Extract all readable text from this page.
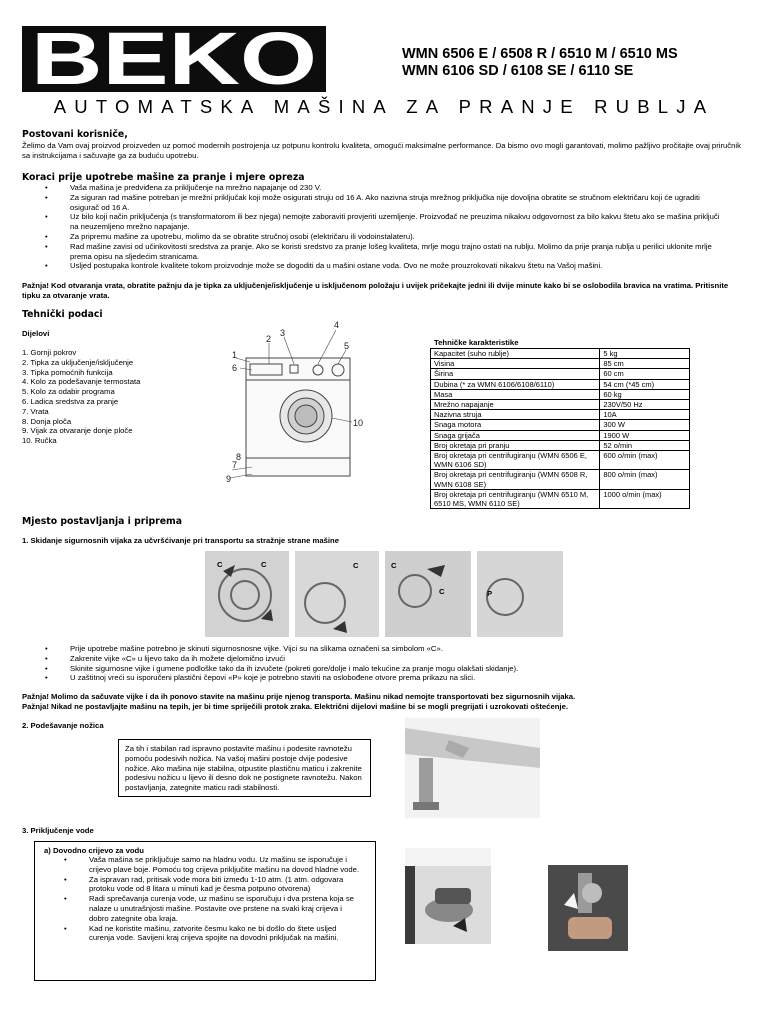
BEKO	WMN 6506 E / 6508 R / 6510 M / 6510 MS
WMN 6106 SD / 6108 SE / 6110 SE
AUTOMATSKA MAŠINA ZA PRANJE RUBLJA
Postovani korisniče,
Želimo da Vam ovaj proizvod proizveden uz pomoć modernih postrojenja uz potpunu kontrolu kvaliteta, omogući maksimalne performance. Da bismo ovo mogli garantovati, molimo pažljivo pročitajte ovaj priručnik sa instrukcijama i sačuvajte ga za buduću upotrebu.
Koraci prije upotrebe mašine za pranje i mjere opreza
• Vaša mašina je predviđena za priključenje na mrežno napajanje od 230 V.
• Za siguran rad mašine potreban je mrežni priključak koji može osigurati struju od 16 A. Ako nazivna struja mrežnog priključka nije dovoljna obratite se stručnom električaru koji će ugraditi osigurač od 16 A.
• Uz bilo koji način priključenja (s transformatorom ili bez njega) nemojte zaboraviti provjeriti uzemljenje. Proizvođač ne preuzima nikakvu odgovornost za bilo kakvu štetu ako se mašina priključi na neuzemljeno mrežno napajanje.
• Za pripremu mašine za upotrebu, molimo da se obratite stručnoj osobi (električaru ili vodoinstalateru).
• Rad mašine zavisi od učinkovitosti sredstva za pranje. Ako se koristi sredstvo za pranje lošeg kvaliteta, mrlje mogu trajno ostati na rublju. Molimo da prije pranja rublja u perilici uklonite mrlje prema opisu na sljedećim stranicama.
• Usljed postupaka kontrole kvalitete tokom proizvodnje može se dogoditi da u mašini ostane voda. Ovo ne može prouzrokovati nikakvu štetu na Vašoj mašini.
Pažnja! Kod otvaranja vrata, obratite pažnju da je tipka za uključenje/isključenje u isključenom položaju i uvijek pričekajte jedni ili dvije minute kako bi se oslobodila bravica na vratima. Pritisnite tipku za otvaranje vrata.
Tehnički podaci
Dijelovi
1. Gornji pokrov
2. Tipka za uključenje/isključenje
3. Tipka pomoćnih funkcija
4. Kolo za podešavanje termostata
5. Kolo za odabir programa
6. Ladica sredstva za pranje
7. Vrata
8. Donja ploča
9. Vijak za otvaranje donje ploče
10. Ručka
1
2
3
4
5
6
7
8
9
10
Tehničke karakteristike
Kapacitet (suho rublje)	5 kg
Visina	85 cm
Širina	60 cm
Dubina (* za WMN 6106/6108/6110)	54 cm (*45 cm)
Masa	60 kg
Mrežno napajanje	230V/50 Hz
Nazivna struja	10A
Snaga motora	300 W
Snaga grijača	1900 W
Broj okretaja pri pranju	52 o/min
Broj okretaja pri centrifugiranju (WMN 6506 E, WMN 6106 SD)	600 o/min (max)
Broj okretaja pri centrifugiranju (WMN 6508 R, WMN 6108 SE)	800 o/min (max)
Broj okretaja pri centrifugiranju (WMN 6510 M, 6510 MS, WMN 6110 SE)	1000 o/min (max)
Mjesto postavljanja i priprema
1. Skidanje sigurnosnih vijaka za učvršćivanje pri transportu sa stražnje strane mašine
C	C	C
C
C
P
• Prije upotrebe mašine potrebno je skinuti sigurnosnosne vijke. Vijci su na slikama označeni sa simbolom «C».
• Zakrenite vijke «C» u lijevo tako da ih možete djelomično izvući
• Skinite sigurnosne vijke i gumene podloške tako da ih izvučete (pokreti gore/dolje i malo tekućine za pranje mogu olakšati skidanje).
• U zaštitnoj vreći su isporučeni plastični čepovi «P» koje je potrebno staviti na oslobođene otvore prema prikazu na slici.
Pažnja! Molimo da sačuvate vijke i da ih ponovo stavite na mašinu prije njenog transporta. Mašinu nikad nemojte transportovati bez sigurnosnih vijaka.
Pažnja! Nikad ne postavljajte mašinu na tepih, jer bi time spriječili protok zraka. Električni dijelovi mašine bi se mogli pregrijati i uzrokovati oštećenje.
2. Podešavanje nožica
Za tih i stabilan rad ispravno postavite mašinu i podesite ravnotežu pomoću podesivih nožica. Na vašoj mašini postoje dvije podesive nožice. Ako mašina nije stabilna, otpustite plastičnu maticu i zakrenite podesivu nožicu u lijevo ili desno dok ne postignete ravnotežu. Nakon postavljanja, zategnite maticu radi stabilnosti.
3. Priključenje vode
a) Dovodno crijevo za vodu
• Vaša mašina se priključuje samo na hladnu vodu. Uz mašinu se isporučuje i crijevo plave boje. Pomoću tog crijeva priključite mašinu na dovod hladne vode.
• Za ispravan rad, pritisak vode mora biti između 1-10 atm. (1 atm. odgovara protoku vode od 8 litara u minuti kad je česma potpuno otvorena)
• Radi sprečavanja curenja vode, uz mašinu se isporučuju i dva prstena koja se nalaze u unutrašnjosti mašine. Postavite ove prstene na svaki kraj crijeva i dobro zategnite oba kraja.
• Kad ne koristite mašinu, zatvorite česmu kako ne bi došlo do štete usljed curenja vode. Savijeni kraj crijeva spojite na dovodni priključak na mašini.
